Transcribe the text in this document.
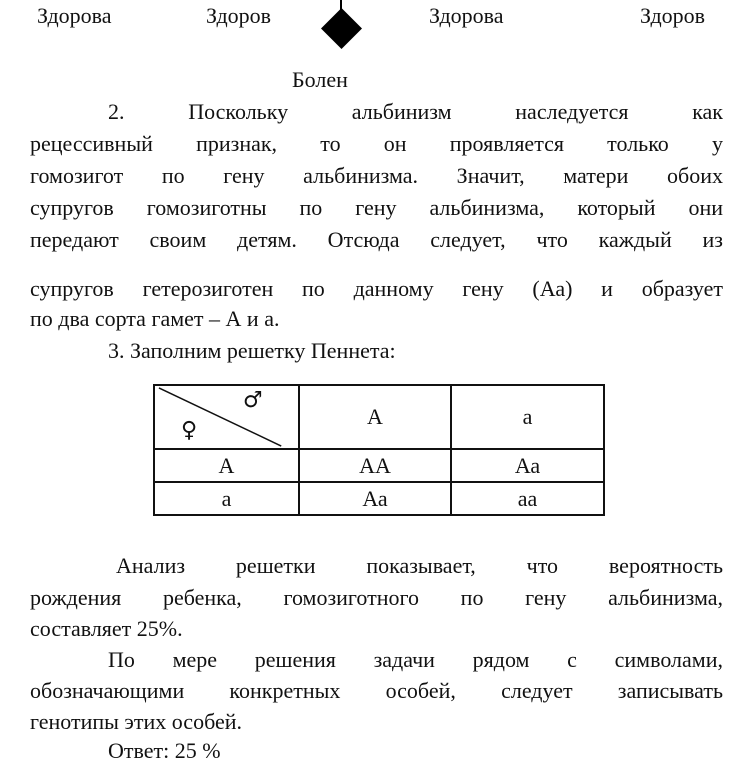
Здорова	Здоров	Здорова	Здоров
Болен
2. Поскольку альбинизм наследуется как
рецессивный признак, то он проявляется только у
гомозигот по гену альбинизма. Значит, матери обоих
супругов гомозиготны по гену альбинизма, который они
передают своим детям. Отсюда следует, что каждый из
супругов гетерозиготен по данному гену (Аа) и образует
по два сорта гамет – А и а.
3. Заполним решетку Пеннета:
♂
♀	А	а
А	АА	Аа
а	Аа	аа
Анализ решетки показывает, что вероятность
рождения ребенка, гомозиготного по гену альбинизма,
составляет 25%.
По мере решения задачи рядом с символами,
обозначающими конкретных особей, следует записывать
генотипы этих особей.
Ответ: 25 %
